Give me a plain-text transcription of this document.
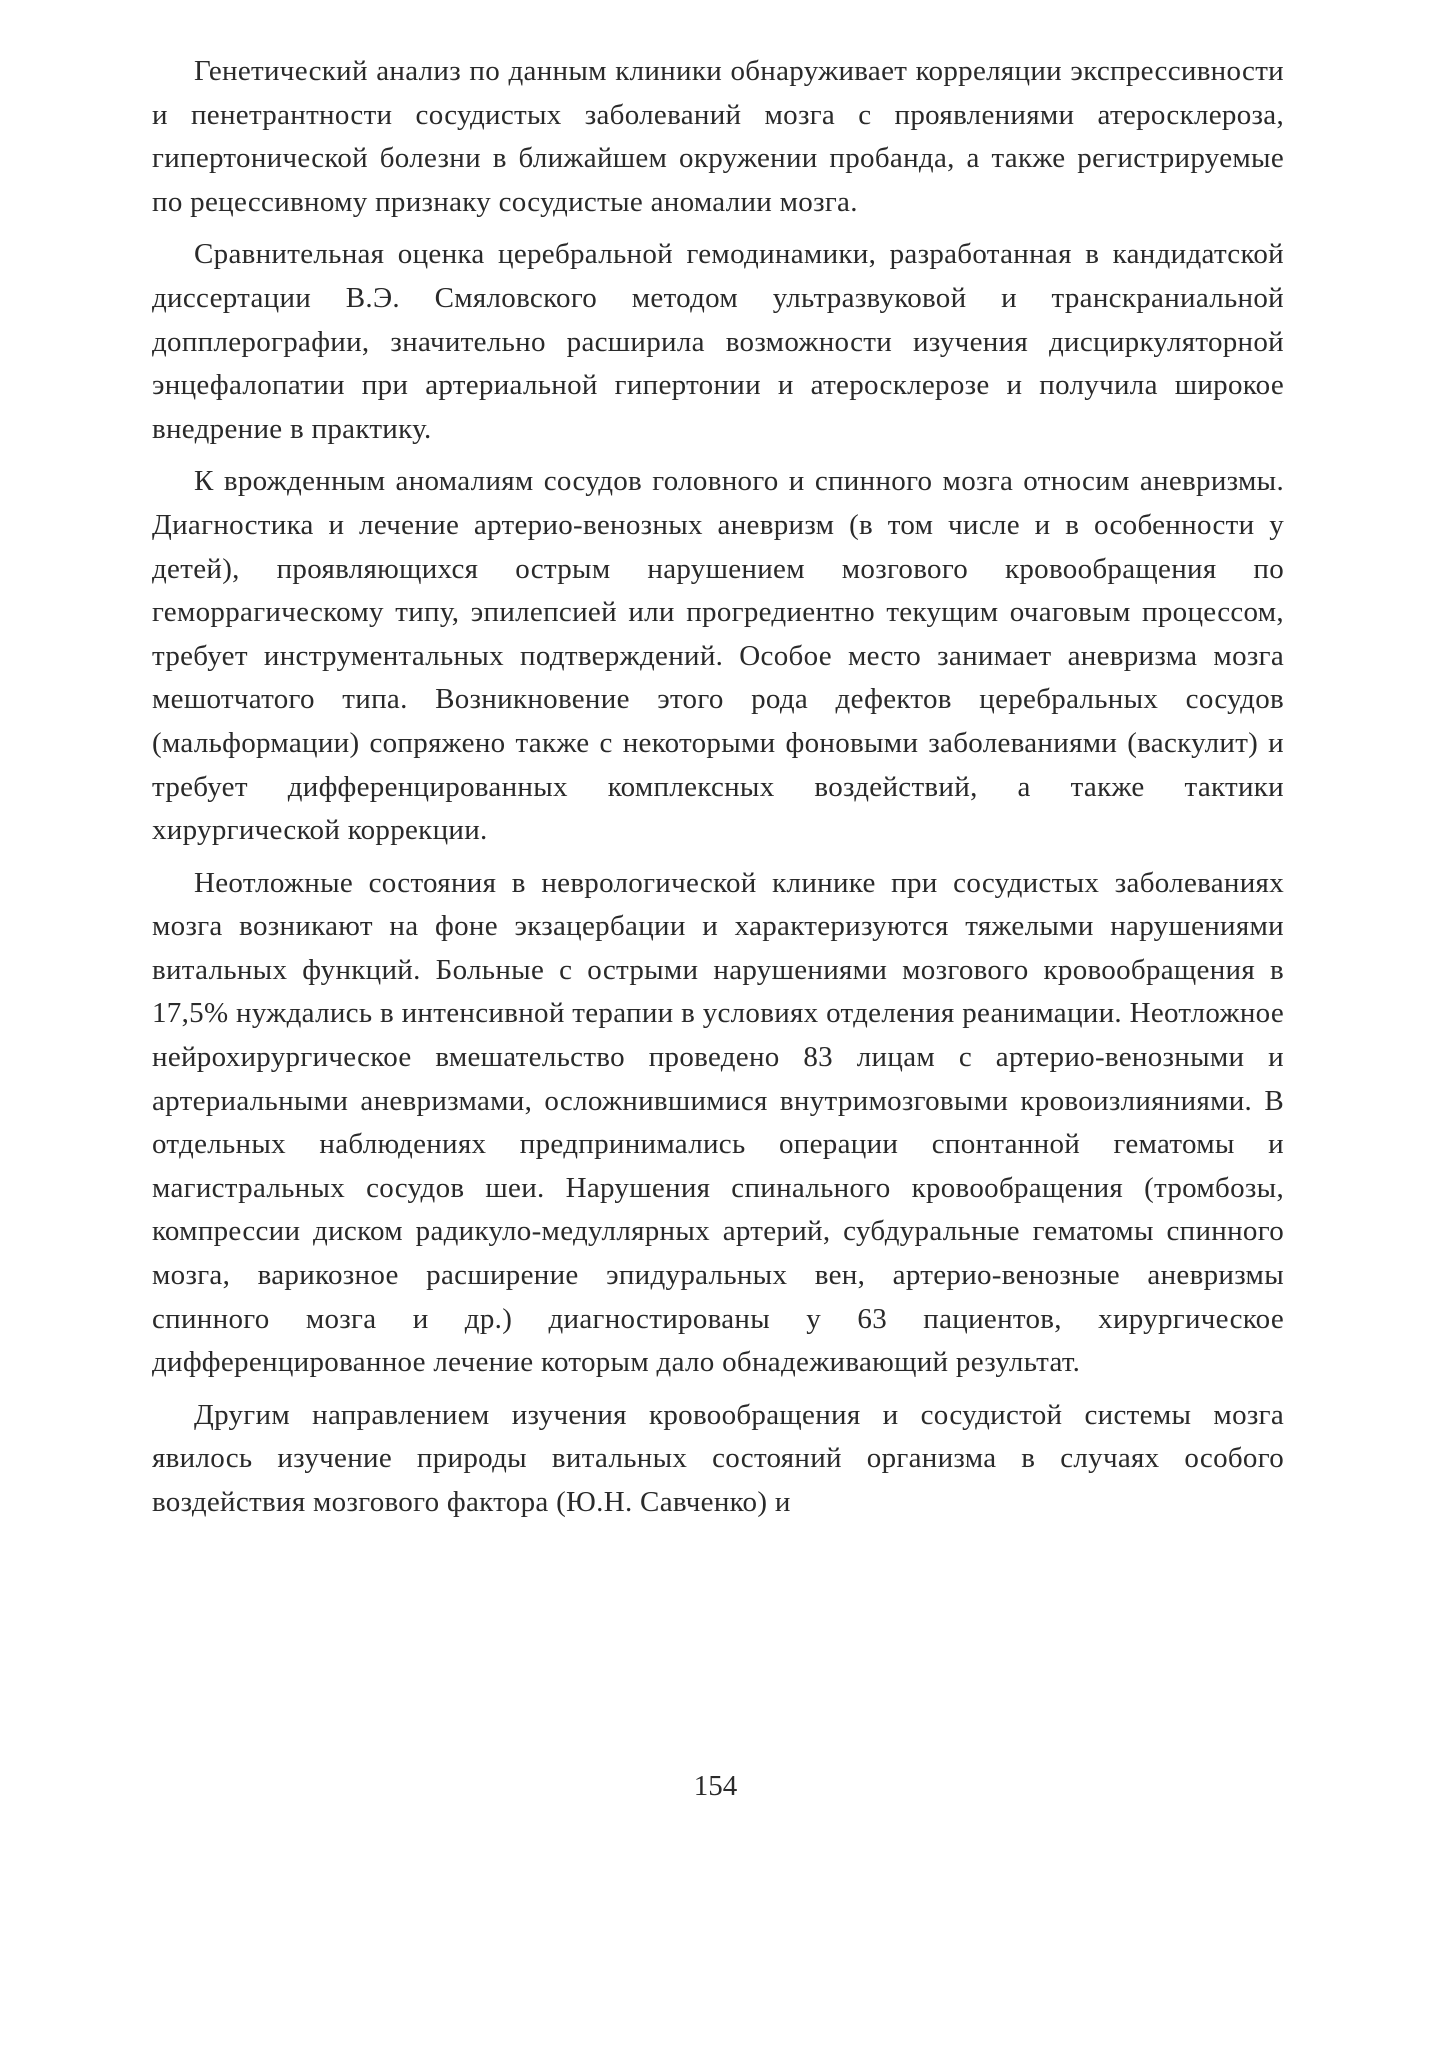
Генетический анализ по данным клиники обнаруживает корреляции экспрессивности и пенетрантности сосудистых заболеваний мозга с проявлениями атеросклероза, гипертонической болезни в ближайшем окружении пробанда, а также регистрируемые по рецессивному признаку сосудистые аномалии мозга.

Сравнительная оценка церебральной гемодинамики, разработанная в кандидатской диссертации В.Э. Смяловского методом ультразвуковой и транскраниальной допплерографии, значительно расширила возможности изучения дисциркуляторной энцефалопатии при артериальной гипертонии и атеросклерозе и получила широкое внедрение в практику.

К врожденным аномалиям сосудов головного и спинного мозга относим аневризмы. Диагностика и лечение артерио-венозных аневризм (в том числе и в особенности у детей), проявляющихся острым нарушением мозгового кровообращения по геморрагическому типу, эпилепсией или прогредиентно текущим очаговым процессом, требует инструментальных подтверждений. Особое место занимает аневризма мозга мешотчатого типа. Возникновение этого рода дефектов церебральных сосудов (мальформации) сопряжено также с некоторыми фоновыми заболеваниями (васкулит) и требует дифференцированных комплексных воздействий, а также тактики хирургической коррекции.

Неотложные состояния в неврологической клинике при сосудистых заболеваниях мозга возникают на фоне экзацербации и характеризуются тяжелыми нарушениями витальных функций. Больные с острыми нарушениями мозгового кровообращения в 17,5% нуждались в интенсивной терапии в условиях отделения реанимации. Неотложное нейрохирургическое вмешательство проведено 83 лицам с артерио-венозными и артериальными аневризмами, осложнившимися внутримозговыми кровоизлияниями. В отдельных наблюдениях предпринимались операции спонтанной гематомы и магистральных сосудов шеи. Нарушения спинального кровообращения (тромбозы, компрессии диском радикуло-медуллярных артерий, субдуральные гематомы спинного мозга, варикозное расширение эпидуральных вен, артерио-венозные аневризмы спинного мозга и др.) диагностированы у 63 пациентов, хирургическое дифференцированное лечение которым дало обнадеживающий результат.

Другим направлением изучения кровообращения и сосудистой системы мозга явилось изучение природы витальных состояний организма в случаях особого воздействия мозгового фактора (Ю.Н. Савченко) и

154
